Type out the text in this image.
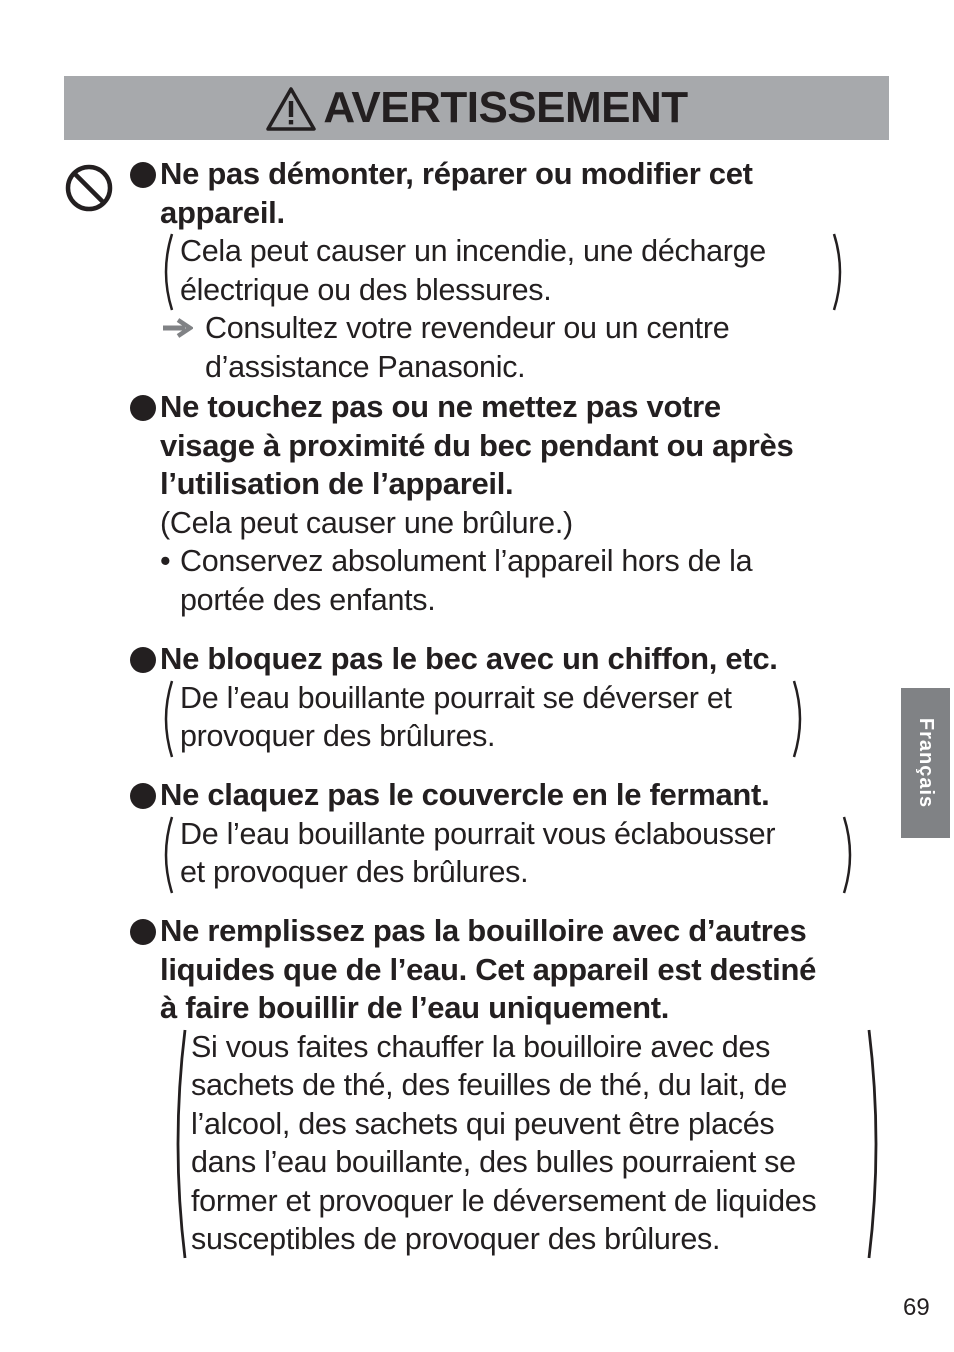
AVERTISSEMENT
Ne pas démonter, réparer ou modifier cet
appareil.
Cela peut causer un incendie, une décharge
électrique ou des blessures.
Consultez votre revendeur ou un centre
d’assistance Panasonic.
Ne touchez pas ou ne mettez pas votre
visage à proximité du bec pendant ou après
l’utilisation de l’appareil.
(Cela peut causer une brûlure.)
• Conservez absolument l’appareil hors de la
portée des enfants.
Ne bloquez pas le bec avec un chiffon, etc.
De l’eau bouillante pourrait se déverser et
provoquer des brûlures.
Ne claquez pas le couvercle en le fermant.
De l’eau bouillante pourrait vous éclabousser
et provoquer des brûlures.
Ne remplissez pas la bouilloire avec d’autres
liquides que de l’eau. Cet appareil est destiné
à faire bouillir de l’eau uniquement.
Si vous faites chauffer la bouilloire avec des
sachets de thé, des feuilles de thé, du lait, de
l’alcool, des sachets qui peuvent être placés
dans l’eau bouillante, des bulles pourraient se
former et provoquer le déversement de liquides
susceptibles de provoquer des brûlures.
Français
69
